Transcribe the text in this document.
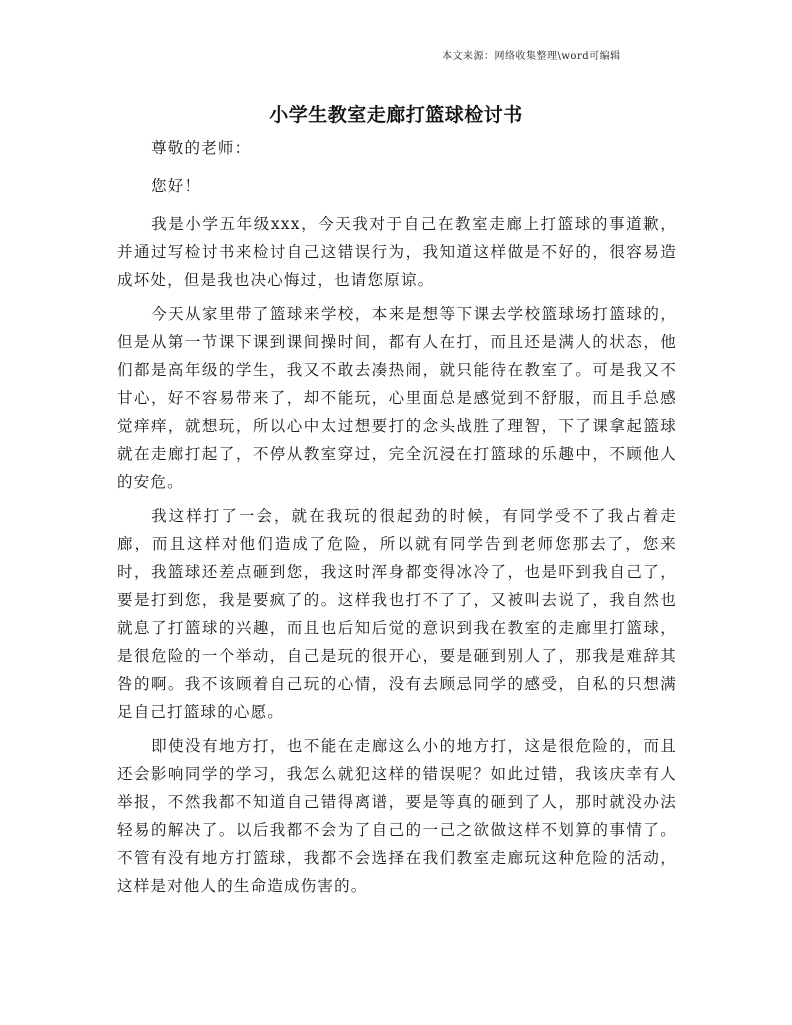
本文来源：网络收集整理\word可编辑
小学生教室走廊打篮球检讨书

尊敬的老师：

您好！

我是小学五年级xxx，今天我对于自己在教室走廊上打篮球的事道歉，并通过写检讨书来检讨自己这错误行为，我知道这样做是不好的，很容易造成坏处，但是我也决心悔过，也请您原谅。

今天从家里带了篮球来学校，本来是想等下课去学校篮球场打篮球的，但是从第一节课下课到课间操时间，都有人在打，而且还是满人的状态，他们都是高年级的学生，我又不敢去凑热闹，就只能待在教室了。可是我又不甘心，好不容易带来了，却不能玩，心里面总是感觉到不舒服，而且手总感觉痒痒，就想玩，所以心中太过想要打的念头战胜了理智，下了课拿起篮球就在走廊打起了，不停从教室穿过，完全沉浸在打篮球的乐趣中，不顾他人的安危。

我这样打了一会，就在我玩的很起劲的时候，有同学受不了我占着走廊，而且这样对他们造成了危险，所以就有同学告到老师您那去了，您来时，我篮球还差点砸到您，我这时浑身都变得冰冷了，也是吓到我自己了，要是打到您，我是要疯了的。这样我也打不了了，又被叫去说了，我自然也就息了打篮球的兴趣，而且也后知后觉的意识到我在教室的走廊里打篮球，是很危险的一个举动，自己是玩的很开心，要是砸到别人了，那我是难辞其咎的啊。我不该顾着自己玩的心情，没有去顾忌同学的感受，自私的只想满足自己打篮球的心愿。

即使没有地方打，也不能在走廊这么小的地方打，这是很危险的，而且还会影响同学的学习，我怎么就犯这样的错误呢？如此过错，我该庆幸有人举报，不然我都不知道自己错得离谱，要是等真的砸到了人，那时就没办法轻易的解决了。以后我都不会为了自己的一己之欲做这样不划算的事情了。不管有没有地方打篮球，我都不会选择在我们教室走廊玩这种危险的活动，这样是对他人的生命造成伤害的。
